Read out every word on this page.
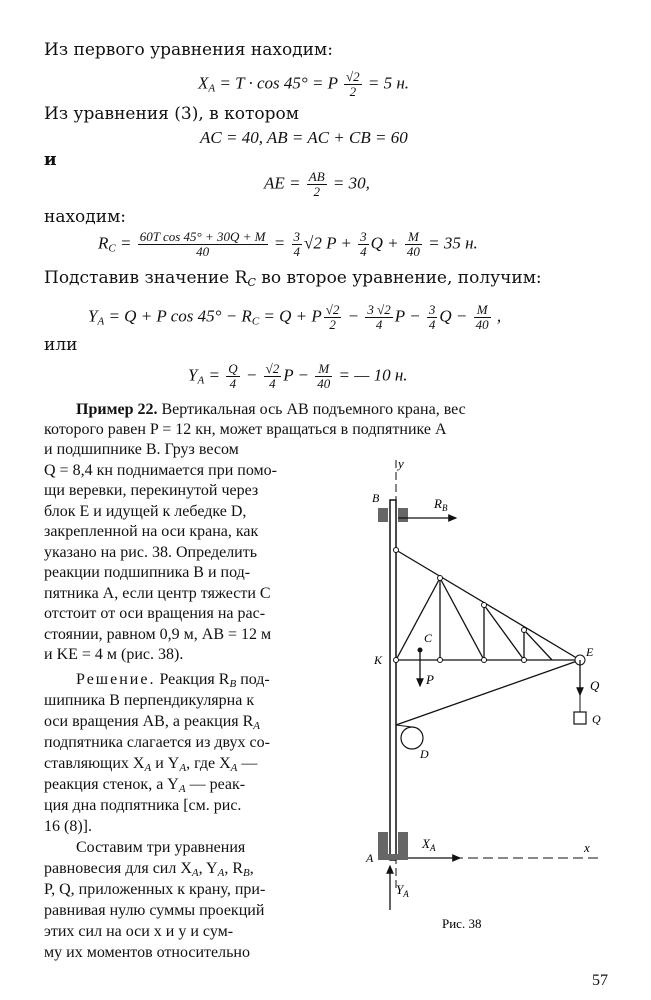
Из первого уравнения находим:
$X_A = T \cdot \cos 45^\circ = P \frac{√2}{2} = 5$ н.
Из уравнения (3), в котором
AC = 40, AB = AC + CB = 60
и
AE = $\frac{AB}{2} = 30$,
находим:
$R_C = \frac{\text{60T cos 45° + 30Q + M}}{40} = \frac{3}{4} √2$ $P + \frac{3}{4}$ $Q + \frac{M}{40} = 35$ н.
Подставив значение $R_C$ во второе уравнение, получим:
$Y_A = Q + P$ $\cos 45^\circ - R_C = Q + P \frac{√2}{2} - \frac{3 √2}{4}$ $P - \frac{3}{4}$ $Q - \frac{M}{40}$ ,
или
$Y_A = \frac{Q}{4} - \frac{√2}{4}$ $P - \frac{M}{40}$ = — 10 н.
Пример 22. Вертикальная ось AB подъемного крана, вес
которого равен P = 12 кн, может вращаться в подпятнике A
и подшипнике B. Груз весом
Q = 8,4 кн поднимается при помо-
щи веревки, перекинутой через
блок E и идущей к лебедке D,
закрепленной на оси крана, как
указано на рис. 38. Определить
реакции подшипника B и под-
пятника A, если центр тяжести C
отстоит от оси вращения на рас-
стоянии, равном 0,9 м, AB = 12 м
и KE = 4 м (рис. 38).
Решение. Реакция $R_B$ под-
шипника B перпендикулярна к
оси вращения AB, а реакция $R_A$
подпятника слагается из двух со-
ставляющих $X_A$ и $Y_A$, где $X_A$ —
реакция стенок, а $Y_A$ — реак-
ция дна подпятника [см. рис.
16 (8)].
Составим три уравнения
равновесия для сил $X_A$, $Y_A$, $R_B$,
P, Q, приложенных к крану, при-
равнивая нулю суммы проекций
этих сил на оси x и y и сум-
му их моментов относительно
y
B	$R_B$
K
E
C
P	Q
Q
D
A
x
$X_A$
$Y_A$
Рис. 38
57
